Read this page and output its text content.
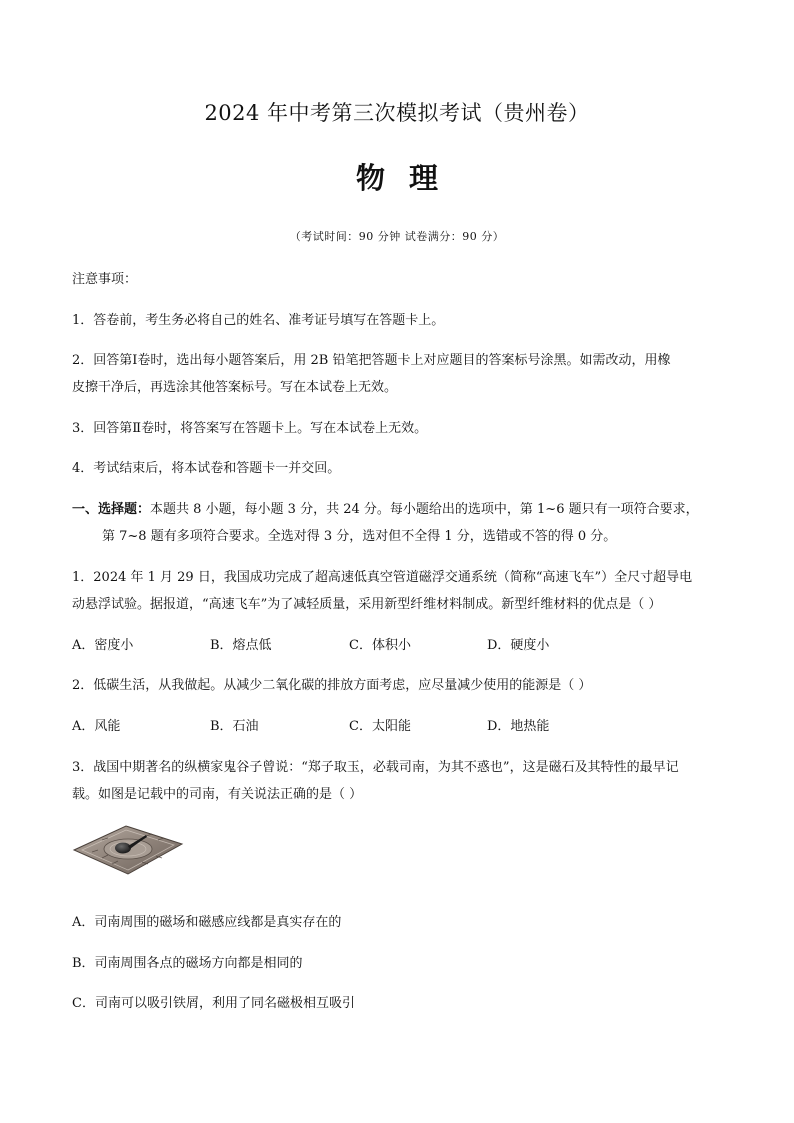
2024 年中考第三次模拟考试（贵州卷）
物理
（考试时间：90 分钟 试卷满分：90 分）
注意事项：
1．答卷前，考生务必将自己的姓名、准考证号填写在答题卡上。
2．回答第Ⅰ卷时，选出每小题答案后，用 2B 铅笔把答题卡上对应题目的答案标号涂黑。如需改动，用橡
皮擦干净后，再选涂其他答案标号。写在本试卷上无效。
3．回答第Ⅱ卷时，将答案写在答题卡上。写在本试卷上无效。
4．考试结束后，将本试卷和答题卡一并交回。
一、选择题：本题共 8 小题，每小题 3 分，共 24 分。每小题给出的选项中，第 1~6 题只有一项符合要求，
第 7~8 题有多项符合要求。全选对得 3 分，选对但不全得 1 分，选错或不答的得 0 分。
1．2024 年 1 月 29 日，我国成功完成了超高速低真空管道磁浮交通系统（简称“高速飞车”）全尺寸超导电
动悬浮试验。据报道，“高速飞车”为了减轻质量，采用新型纤维材料制成。新型纤维材料的优点是（ ）
A．密度小	B．熔点低	C．体积小	D．硬度小
2．低碳生活，从我做起。从减少二氧化碳的排放方面考虑，应尽量减少使用的能源是（ ）
A．风能	B．石油	C．太阳能	D．地热能
3．战国中期著名的纵横家鬼谷子曾说：“郑子取玉，必载司南，为其不惑也”，这是磁石及其特性的最早记
载。如图是记载中的司南，有关说法正确的是（ ）
A．司南周围的磁场和磁感应线都是真实存在的
B．司南周围各点的磁场方向都是相同的
C．司南可以吸引铁屑，利用了同名磁极相互吸引
